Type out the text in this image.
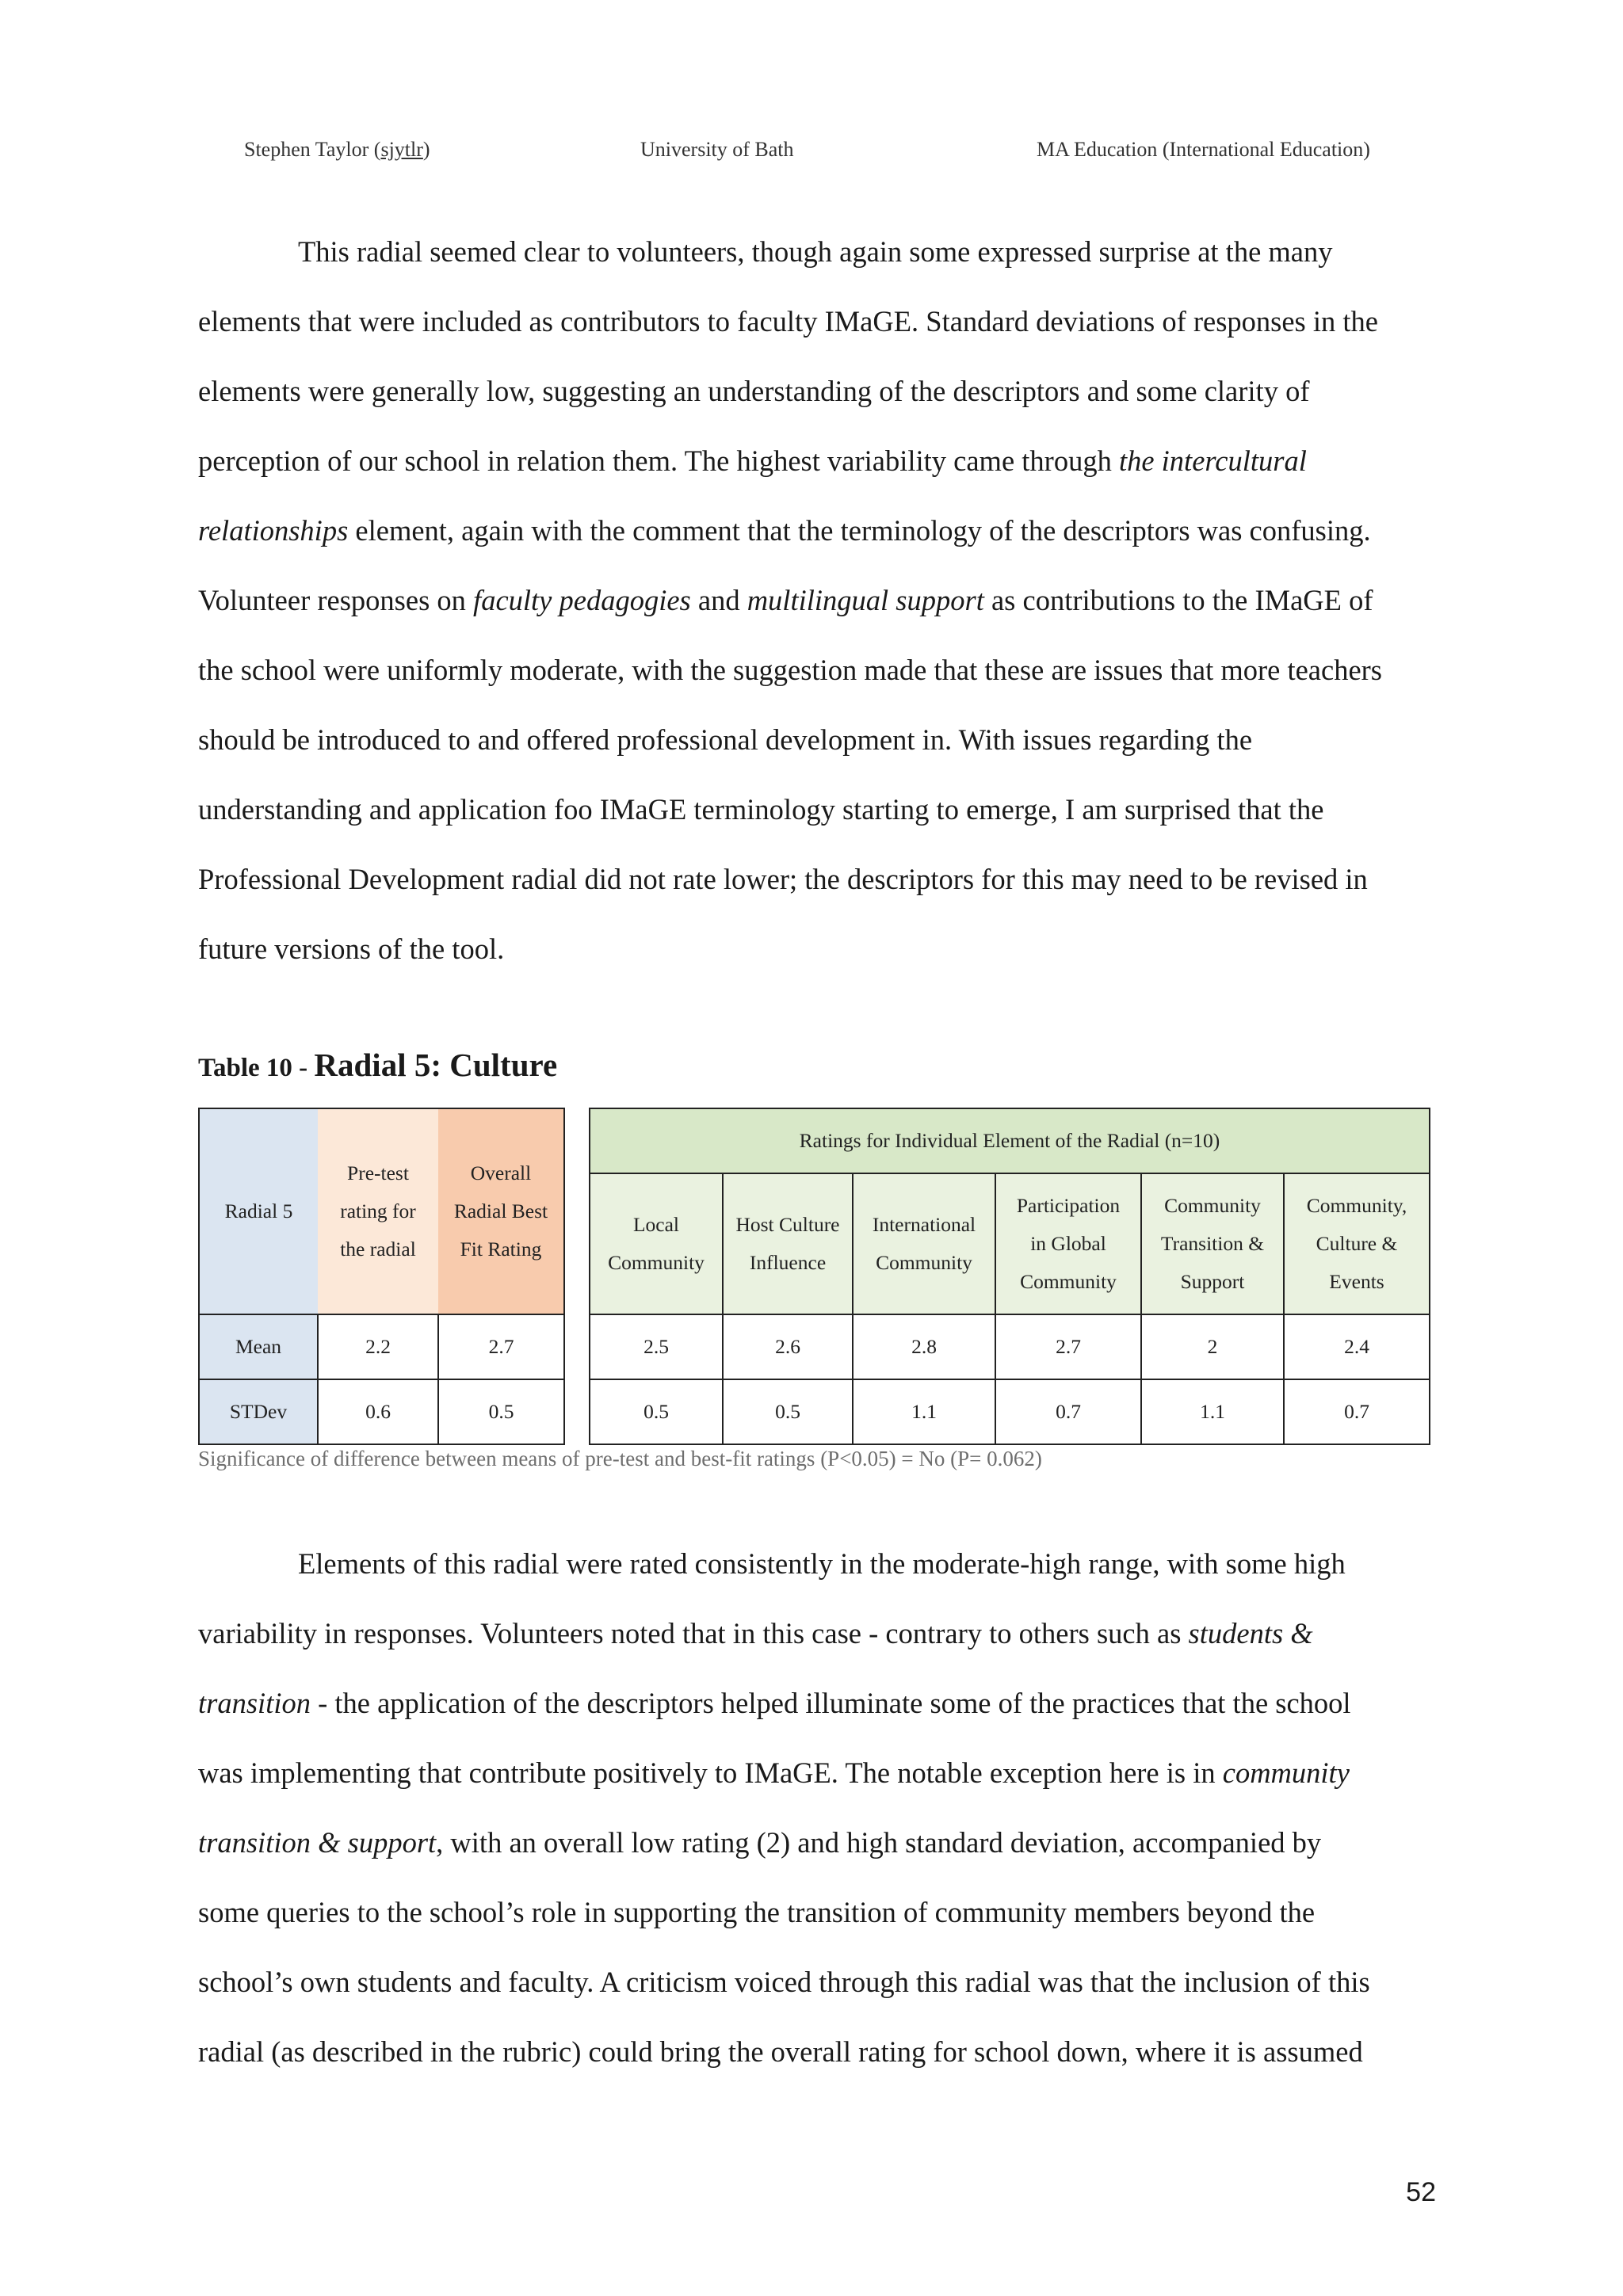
Stephen Taylor (sjytlr)	University of Bath	MA Education (International Education)

This radial seemed clear to volunteers, though again some expressed surprise at the many
elements that were included as contributors to faculty IMaGE. Standard deviations of responses in the
elements were generally low, suggesting an understanding of the descriptors and some clarity of
perception of our school in relation them. The highest variability came through the intercultural
relationships element, again with the comment that the terminology of the descriptors was confusing.
Volunteer responses on faculty pedagogies and multilingual support as contributions to the IMaGE of
the school were uniformly moderate, with the suggestion made that these are issues that more teachers
should be introduced to and offered professional development in. With issues regarding the
understanding and application foo IMaGE terminology starting to emerge, I am surprised that the
Professional Development radial did not rate lower; the descriptors for this may need to be revised in
future versions of the tool.

Table 10 - Radial 5: Culture
Radial 5	Pre-test
rating for
the radial	Overall
Radial Best
Fit Rating		Ratings for Individual Element of the Radial (n=10)					
				Local
Community	Host Culture
Influence	International
Community	Participation
in Global
Community	Community
Transition &
Support	Community,
Culture &
Events
Mean	2.2	2.7		2.5	2.6	2.8	2.7	2	2.4
STDev	0.6	0.5		0.5	0.5	1.1	0.7	1.1	0.7
Significance of difference between means of pre-test and best-fit ratings (P<0.05) = No (P= 0.062)

Elements of this radial were rated consistently in the moderate-high range, with some high
variability in responses. Volunteers noted that in this case - contrary to others such as students &
transition - the application of the descriptors helped illuminate some of the practices that the school
was implementing that contribute positively to IMaGE. The notable exception here is in community
transition & support, with an overall low rating (2) and high standard deviation, accompanied by
some queries to the school’s role in supporting the transition of community members beyond the
school’s own students and faculty. A criticism voiced through this radial was that the inclusion of this
radial (as described in the rubric) could bring the overall rating for school down, where it is assumed

52
